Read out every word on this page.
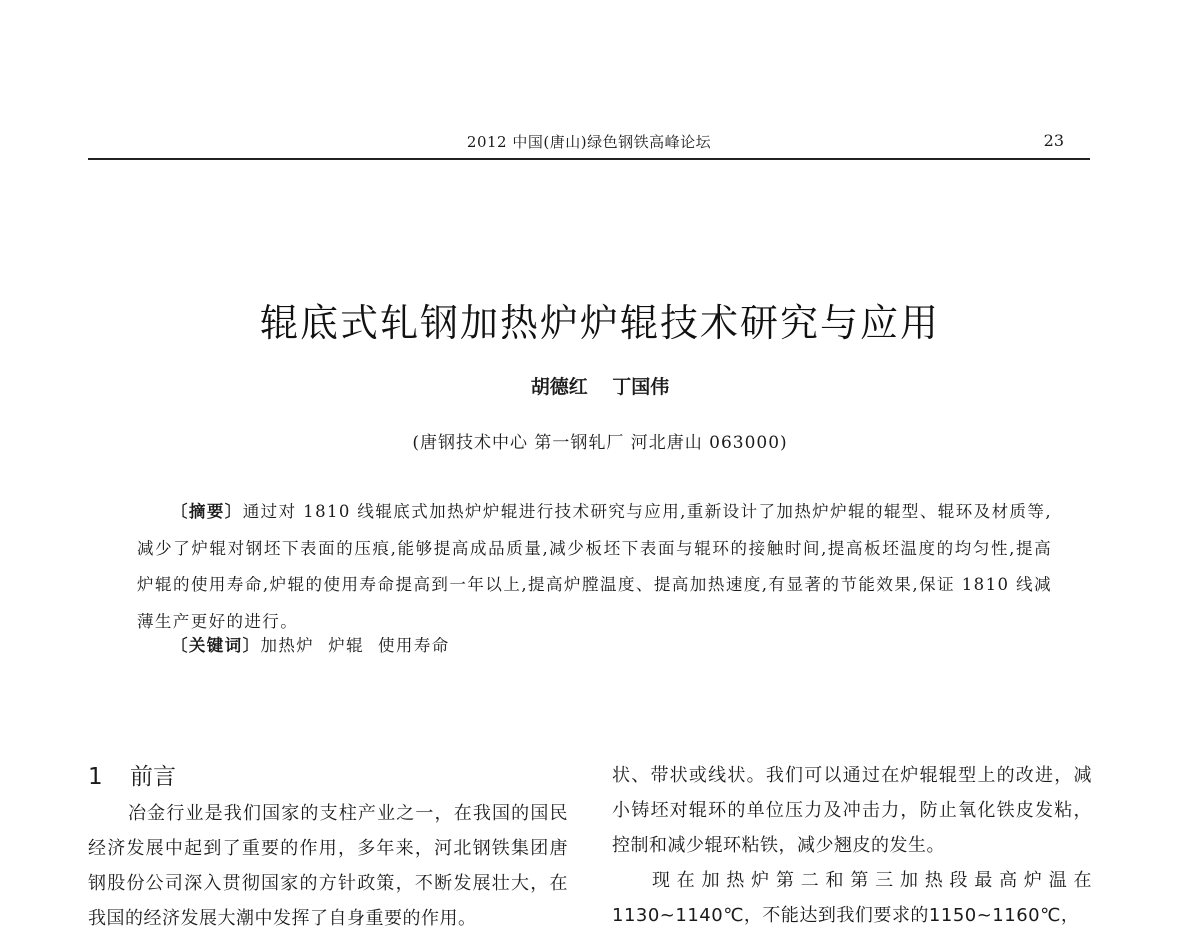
2012 中国(唐山)绿色钢铁高峰论坛	23
辊底式轧钢加热炉炉辊技术研究与应用
胡德红 丁国伟
(唐钢技术中心 第一钢轧厂 河北唐山 063000)

〔摘要〕通过对 1810 线辊底式加热炉炉辊进行技术研究与应用,重新设计了加热炉炉辊的辊型、辊环及材质等,减少了炉辊对钢坯下表面的压痕,能够提高成品质量,减少板坯下表面与辊环的接触时间,提高板坯温度的均匀性,提高炉辊的使用寿命,炉辊的使用寿命提高到一年以上,提高炉膛温度、提高加热速度,有显著的节能效果,保证 1810 线减薄生产更好的进行。

〔关键词〕加热炉 炉辊 使用寿命
1 前言

冶金行业是我们国家的支柱产业之一，在我国的国民经济发展中起到了重要的作用，多年来，河北钢铁集团唐钢股份公司深入贯彻国家的方针政策，不断发展壮大，在我国的经济发展大潮中发挥了自身重要的作用。

状、带状或线状。我们可以通过在炉辊辊型上的改进，减小铸坯对辊环的单位压力及冲击力，防止氧化铁皮发粘，控制和减少辊环粘铁，减少翘皮的发生。

现在加热炉第二和第三加热段最高炉温在1130~1140℃，不能达到我们要求的1150~1160℃，
